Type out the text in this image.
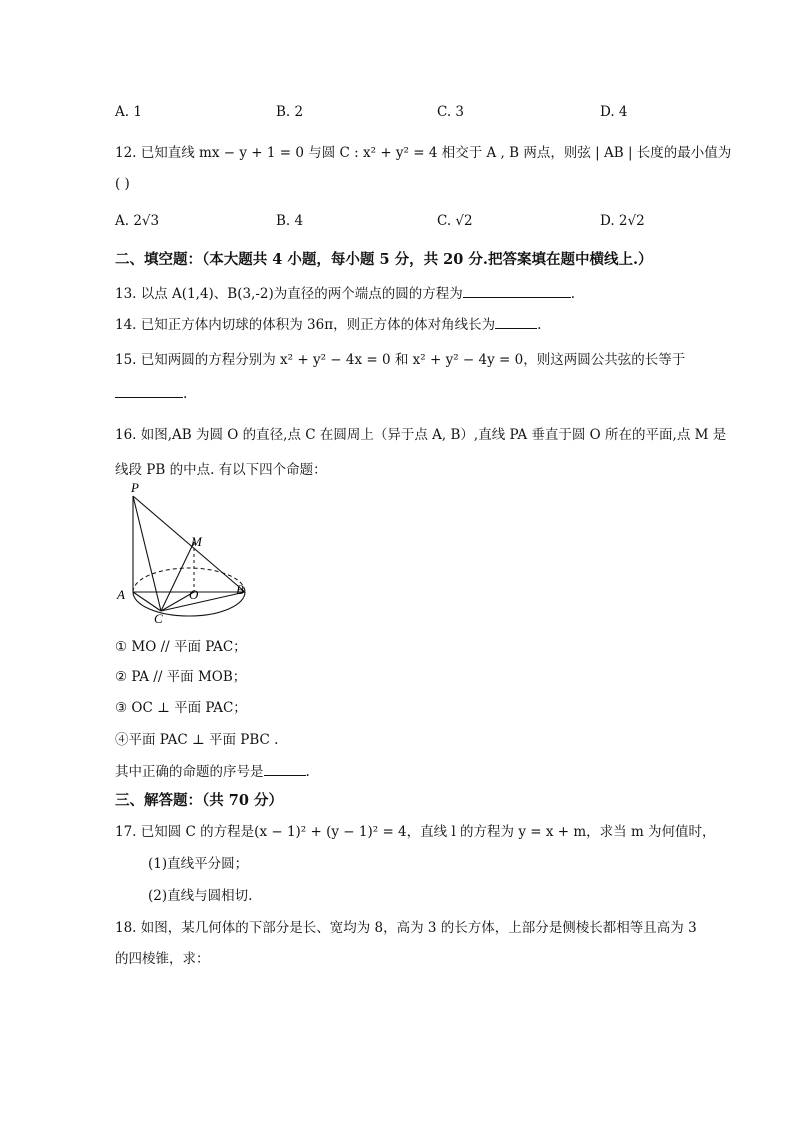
A. 1	B. 2	C. 3	D. 4
12. 已知直线 mx − y + 1 = 0 与圆 C : x² + y² = 4 相交于 A , B 两点，则弦 | AB | 长度的最小值为
( )
A. 2√3	B. 4	C. √2	D. 2√2
二、填空题：（本大题共 4 小题，每小题 5 分，共 20 分.把答案填在题中横线上.）
13. 以点 A(1,4)、B(3,-2)为直径的两个端点的圆的方程为	.
14. 已知正方体内切球的体积为 36π，则正方体的体对角线长为	.
15. 已知两圆的方程分别为 x² + y² − 4x = 0 和 x² + y² − 4y = 0，则这两圆公共弦的长等于
.
16. 如图,AB 为圆 O 的直径,点 C 在圆周上（异于点 A, B）,直线 PA 垂直于圆 O 所在的平面,点 M 是
线段 PB 的中点. 有以下四个命题：
P
M
A	O	B
C
① MO // 平面 PAC；
② PA // 平面 MOB；
③ OC ⊥ 平面 PAC；
④平面 PAC ⊥ 平面 PBC .
其中正确的命题的序号是	.
三、解答题：（共 70 分）
17. 已知圆 C 的方程是(x − 1)² + (y − 1)² = 4，直线 l 的方程为 y = x + m，求当 m 为何值时，
(1)直线平分圆；
(2)直线与圆相切.
18. 如图，某几何体的下部分是长、宽均为 8，高为 3 的长方体，上部分是侧棱长都相等且高为 3
的四棱锥，求：
